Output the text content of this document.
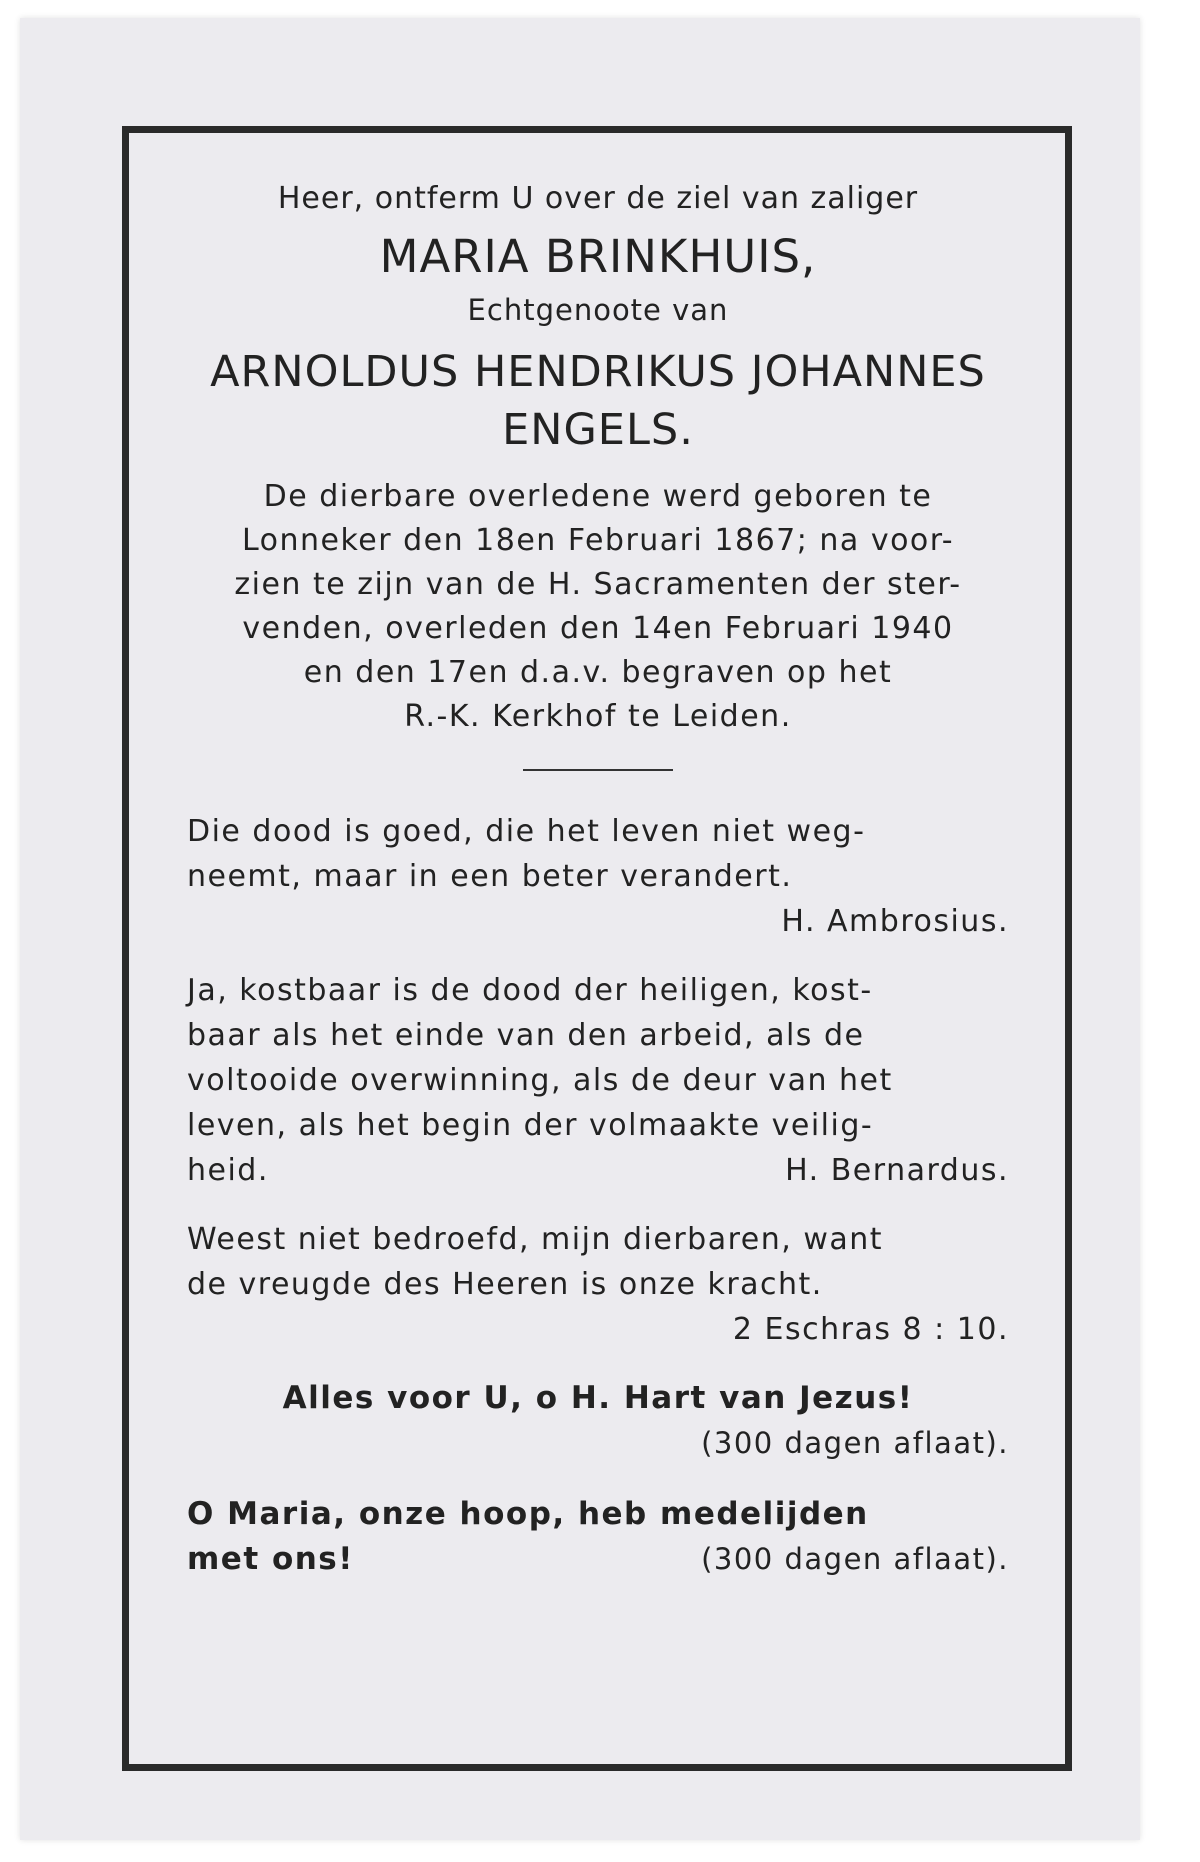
Heer, ontferm U over de ziel van zaliger
MARIA BRINKHUIS,
Echtgenoote van
ARNOLDUS HENDRIKUS JOHANNES
ENGELS.
De dierbare overledene werd geboren te
Lonneker den 18en Februari 1867; na voor-
zien te zijn van de H. Sacramenten der ster-
venden, overleden den 14en Februari 1940
en den 17en d.a.v. begraven op het
R.-K. Kerkhof te Leiden.

Die dood is goed, die het leven niet weg-

neemt, maar in een beter verandert.

H. Ambrosius.

Ja, kostbaar is de dood der heiligen, kost-

baar als het einde van den arbeid, als de

voltooide overwinning, als de deur van het

leven, als het begin der volmaakte veilig-

heid.	H. Bernardus.

Weest niet bedroefd, mijn dierbaren, want

de vreugde des Heeren is onze kracht.

2 Eschras 8 : 10.

Alles voor U, o H. Hart van Jezus!
(300 dagen aflaat).
O Maria, onze hoop, heb medelijden
met ons!	(300 dagen aflaat).
